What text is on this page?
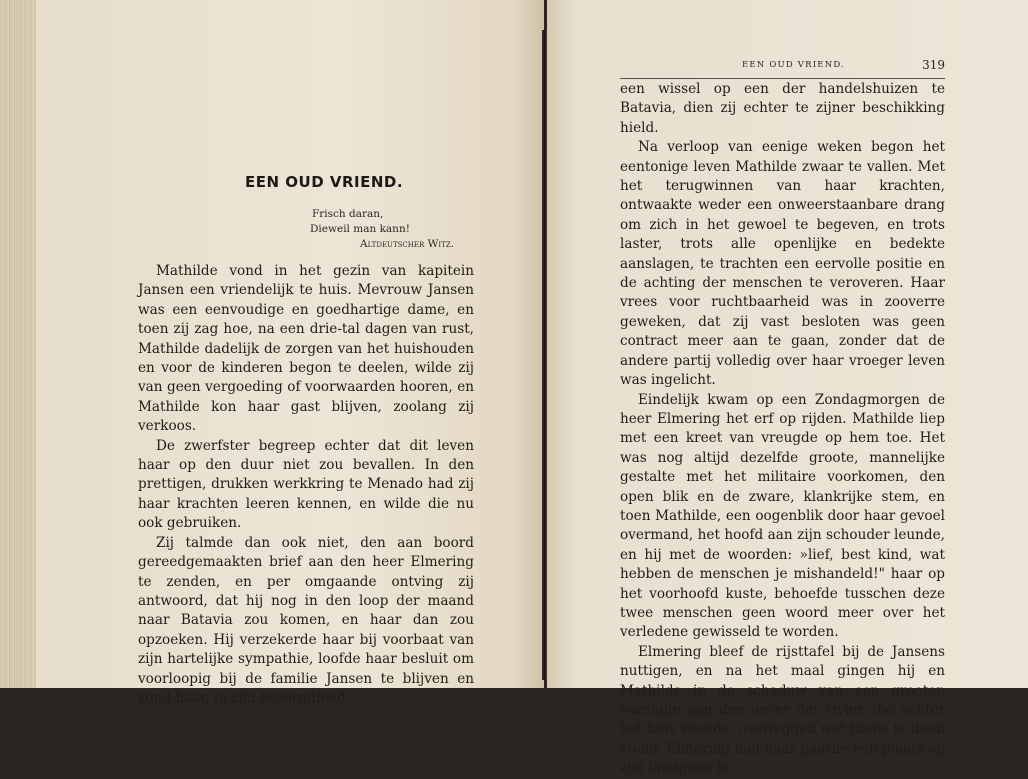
EEN OUD VRIEND.
Frisch daran,
Dieweil man kann!
Altdeutscher Witz.

Mathilde vond in het gezin van kapitein Jansen een vriendelijk te huis. Mevrouw Jansen was een eenvoudige en goedhartige dame, en toen zij zag hoe, na een drie-tal dagen van rust, Mathilde dadelijk de zorgen van het huishouden en voor de kinderen begon te deelen, wilde zij van geen vergoeding of voorwaarden hooren, en Mathilde kon haar gast blijven, zoolang zij verkoos.

De zwerfster begreep echter dat dit leven haar op den duur niet zou bevallen. In den prettigen, drukken werkkring te Menado had zij haar krachten leeren kennen, en wilde die nu ook gebruiken.

Zij talmde dan ook niet, den aan boord gereedgemaakten brief aan den heer Elmering te zenden, en per omgaande ontving zij antwoord, dat hij nog in den loop der maand naar Batavia zou komen, en haar dan zou opzoeken. Hij verzekerde haar bij voorbaat van zijn hartelijke sympathie, loofde haar besluit om voorloopig bij de familie Jansen te blijven en zond haar, in zijn bezorgdheid,

EEN OUD VRIEND.	319

een wissel op een der handelshuizen te Batavia, dien zij echter te zijner beschikking hield.

Na verloop van eenige weken begon het eentonige leven Mathilde zwaar te vallen. Met het terugwinnen van haar krachten, ontwaakte weder een onweerstaanbare drang om zich in het gewoel te begeven, en trots laster, trots alle openlijke en bedekte aanslagen, te trachten een eervolle positie en de achting der menschen te veroveren. Haar vrees voor ruchtbaarheid was in zooverre geweken, dat zij vast besloten was geen contract meer aan te gaan, zonder dat de andere partij volledig over haar vroeger leven was ingelicht.

Eindelijk kwam op een Zondagmorgen de heer Elmering het erf op rijden. Mathilde liep met een kreet van vreugde op hem toe. Het was nog altijd dezelfde groote, mannelijke gestalte met het militaire voorkomen, den open blik en de zware, klankrijke stem, en toen Mathilde, een oogenblik door haar gevoel overmand, het hoofd aan zijn schouder leunde, en hij met de woorden: »lief, best kind, wat hebben de menschen je mishandeld!" haar op het voorhoofd kuste, behoefde tusschen deze twee menschen geen woord meer over het verledene gewisseld te worden.

Elmering bleef de rijsttafel bij de Jansens nuttigen, en na het maal gingen hij en Mathilde in de schaduw van een grooten waringin aan den oever der rivier, die achter het huis vloeide, overleggen wat thans te doen stond. Elmering had haar gaarne een plaats op zijn landgoed te
